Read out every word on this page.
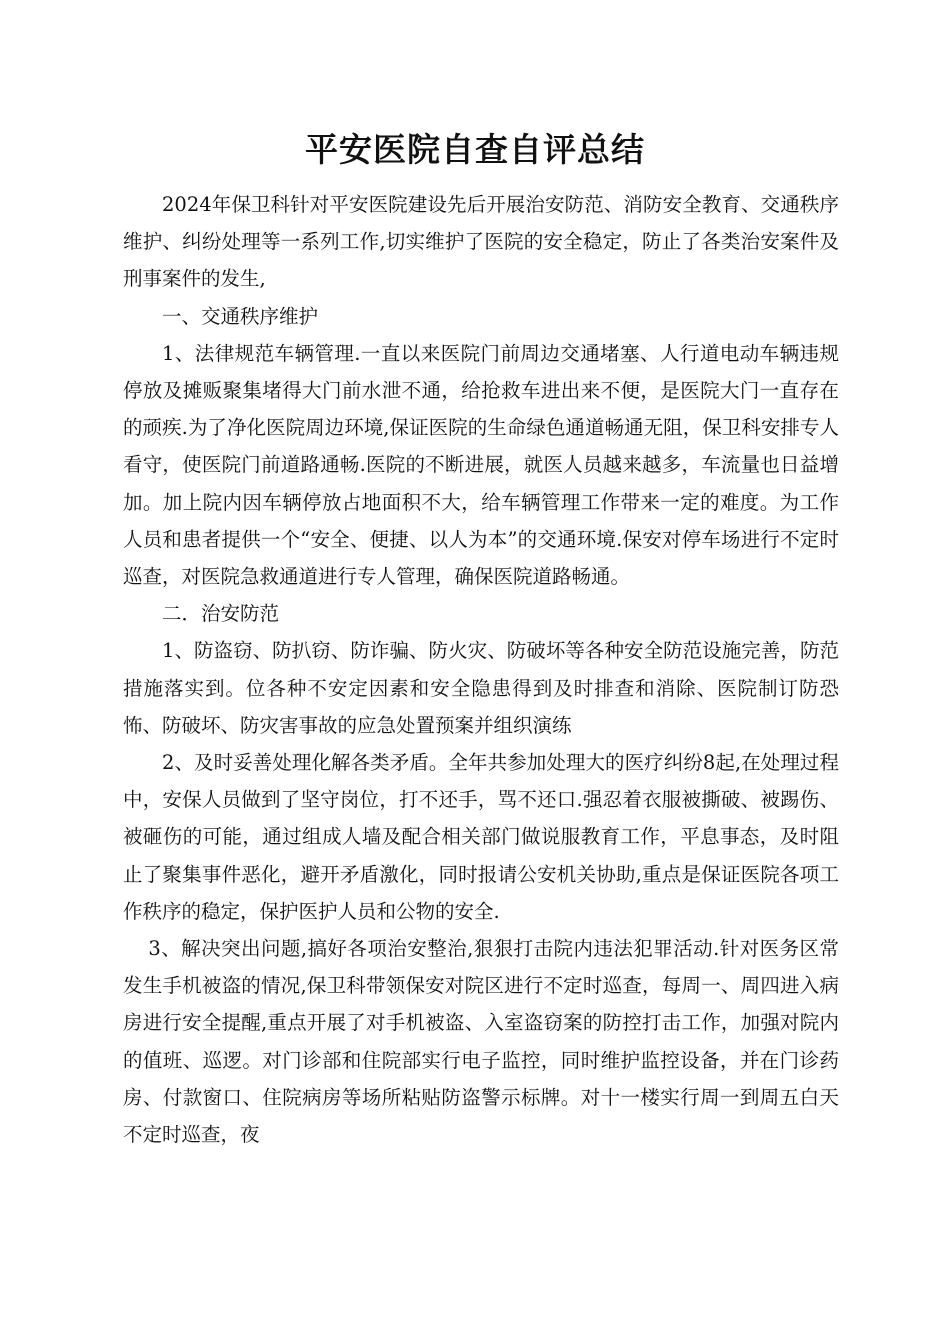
平安医院自查自评总结

2024年保卫科针对平安医院建设先后开展治安防范、消防安全教育、交通秩序维护、纠纷处理等一系列工作,切实维护了医院的安全稳定，防止了各类治安案件及刑事案件的发生,

一、交通秩序维护

1、法律规范车辆管理.一直以来医院门前周边交通堵塞、人行道电动车辆违规停放及摊贩聚集堵得大门前水泄不通，给抢救车进出来不便，是医院大门一直存在的顽疾.为了净化医院周边环境,保证医院的生命绿色通道畅通无阻，保卫科安排专人看守，使医院门前道路通畅.医院的不断进展，就医人员越来越多，车流量也日益增加。加上院内因车辆停放占地面积不大，给车辆管理工作带来一定的难度。为工作人员和患者提供一个“安全、便捷、以人为本”的交通环境.保安对停车场进行不定时巡查，对医院急救通道进行专人管理，确保医院道路畅通。

二．治安防范

1、防盗窃、防扒窃、防诈骗、防火灾、防破坏等各种安全防范设施完善，防范措施落实到。位各种不安定因素和安全隐患得到及时排查和消除、医院制订防恐怖、防破坏、防灾害事故的应急处置预案并组织演练

2、及时妥善处理化解各类矛盾。全年共参加处理大的医疗纠纷8起,在处理过程中，安保人员做到了坚守岗位，打不还手，骂不还口.强忍着衣服被撕破、被踢伤、被砸伤的可能，通过组成人墙及配合相关部门做说服教育工作，平息事态，及时阻止了聚集事件恶化，避开矛盾激化，同时报请公安机关协助,重点是保证医院各项工作秩序的稳定，保护医护人员和公物的安全.

3、解决突出问题,搞好各项治安整治,狠狠打击院内违法犯罪活动.针对医务区常发生手机被盗的情况,保卫科带领保安对院区进行不定时巡查，每周一、周四进入病房进行安全提醒,重点开展了对手机被盗、入室盗窃案的防控打击工作，加强对院内的值班、巡逻。对门诊部和住院部实行电子监控，同时维护监控设备，并在门诊药房、付款窗口、住院病房等场所粘贴防盗警示标牌。对十一楼实行周一到周五白天不定时巡查，夜
